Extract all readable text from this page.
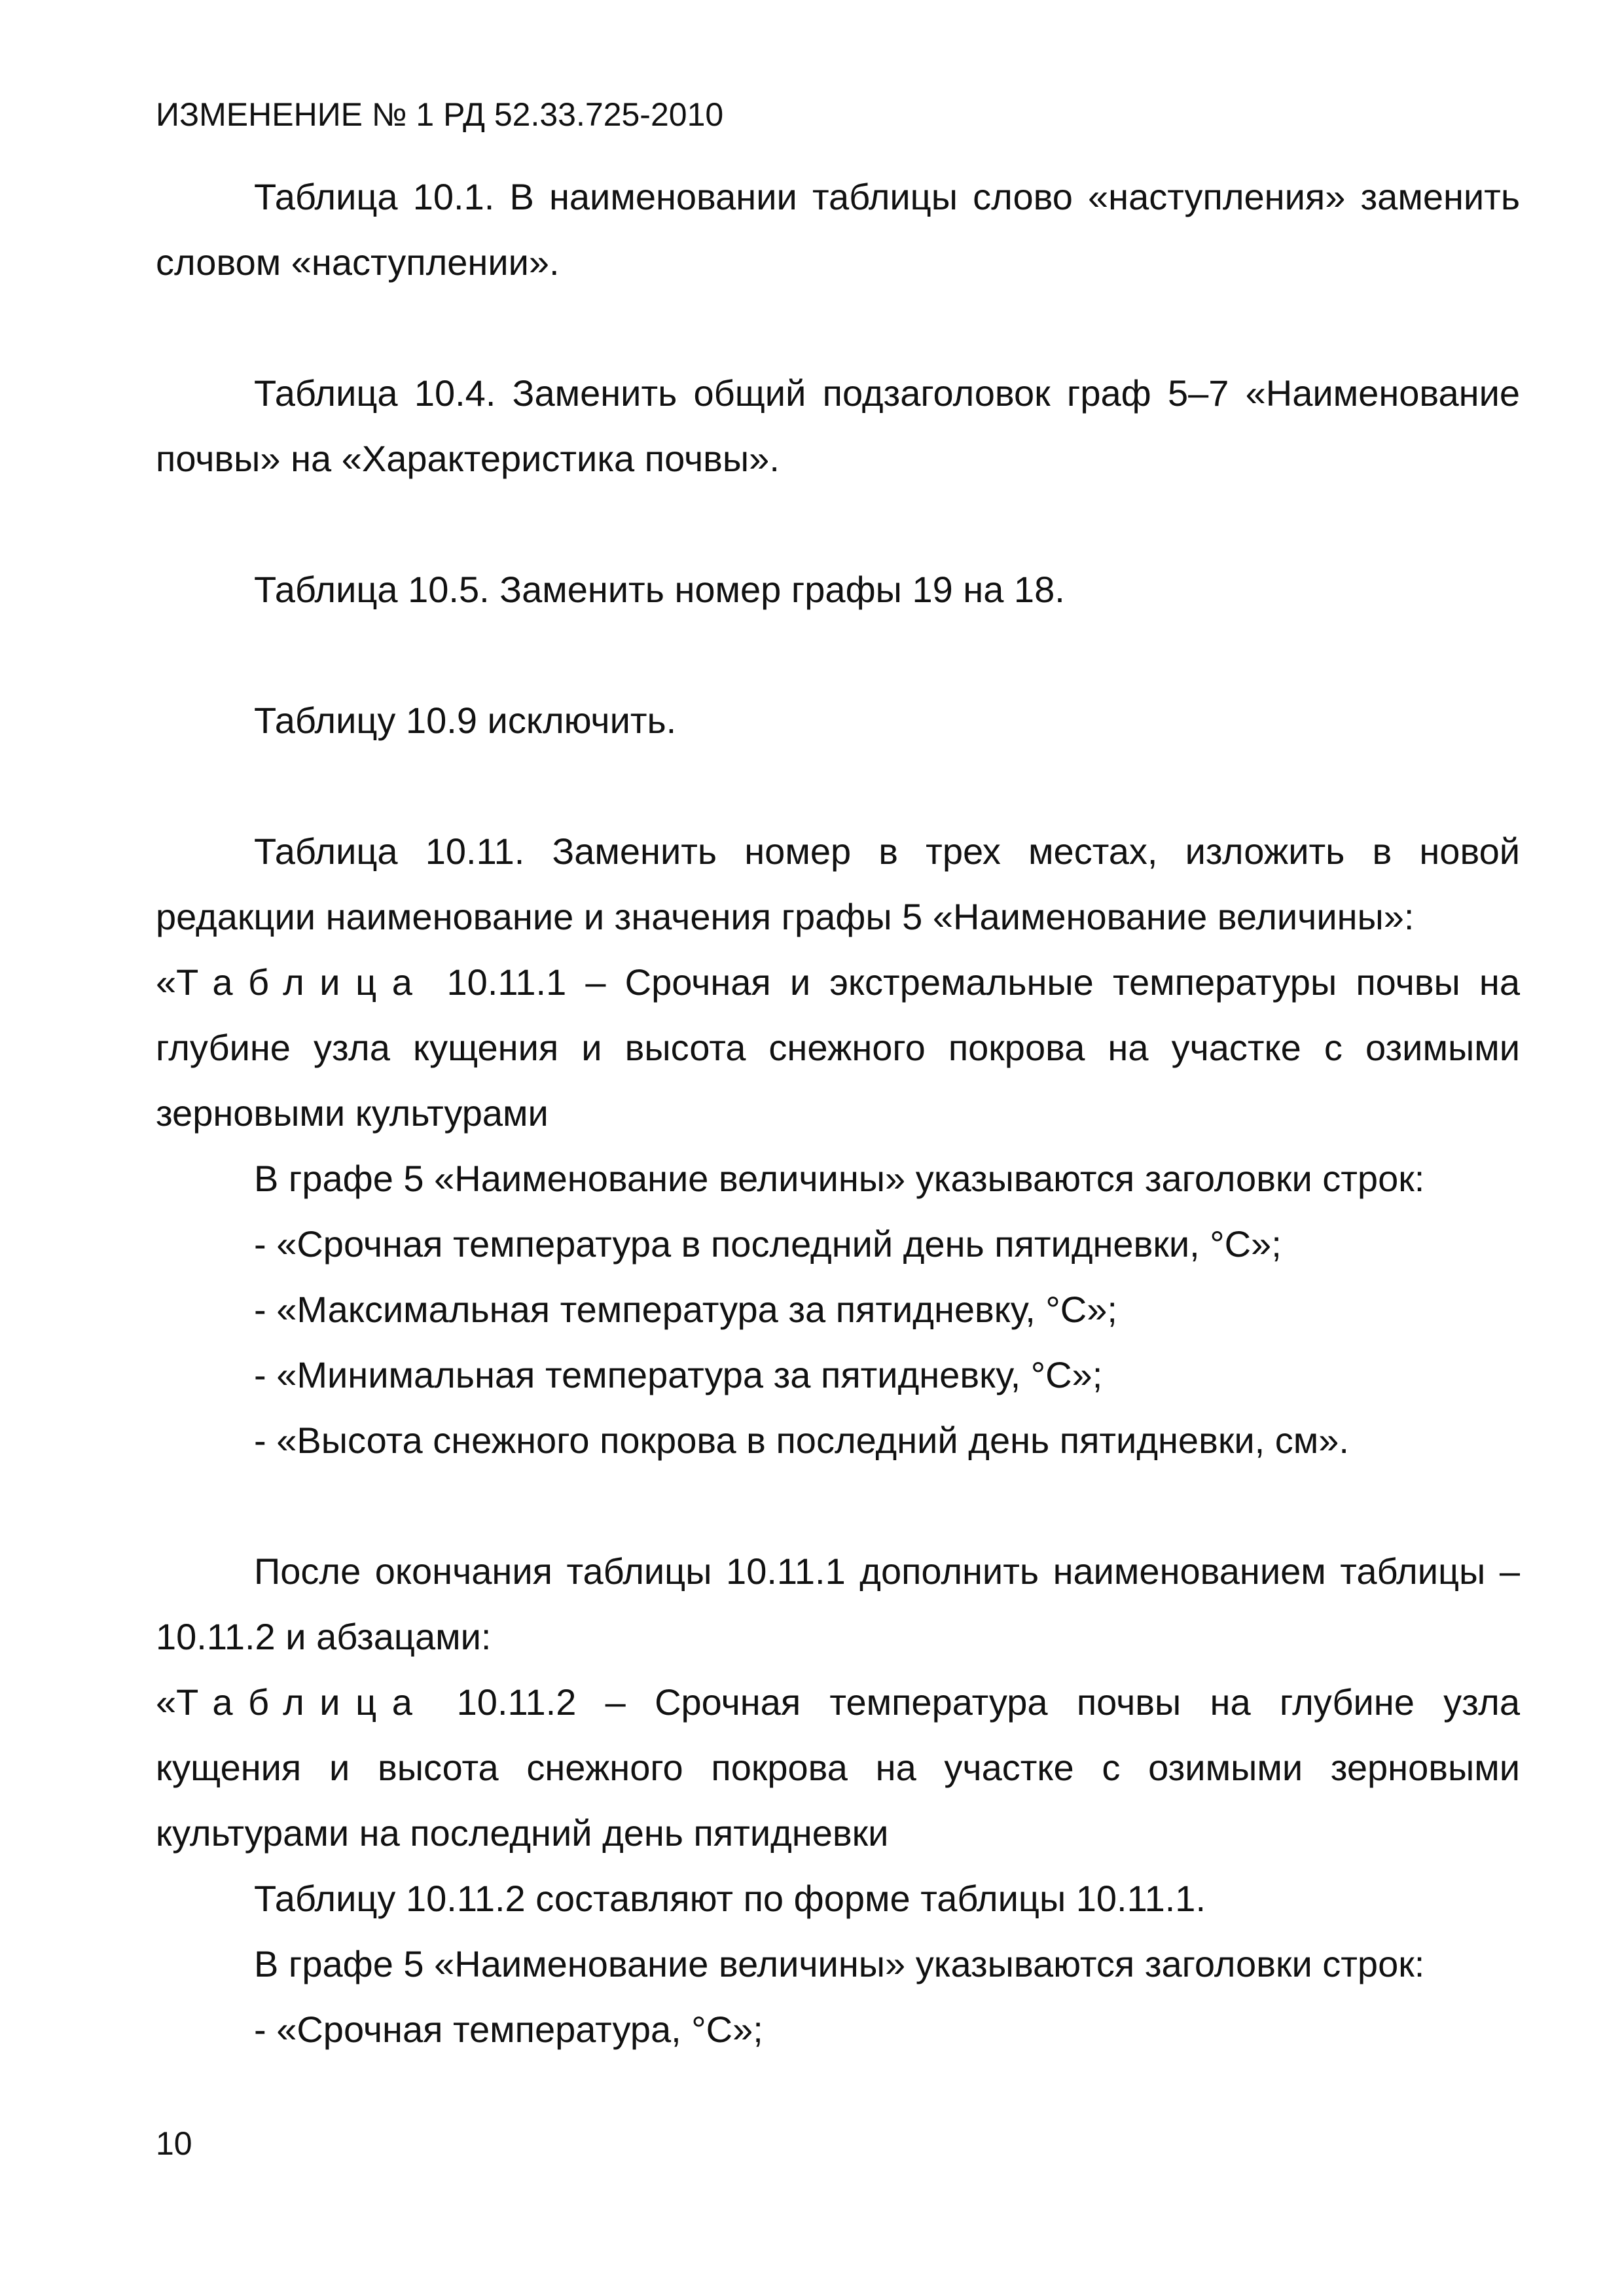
ИЗМЕНЕНИЕ № 1 РД 52.33.725-2010

Таблица 10.1. В наименовании таблицы слово «наступления» заменить словом «наступлении».

Таблица 10.4. Заменить общий подзаголовок граф 5–7 «Наименование почвы» на «Характеристика почвы».

Таблица 10.5. Заменить номер графы 19 на 18.

Таблицу 10.9 исключить.

Таблица 10.11. Заменить номер в трех местах, изложить в новой редакции наименование и значения графы 5 «Наименование величины»:

«Таблица 10.11.1 – Срочная и экстремальные температуры почвы на глубине узла кущения и высота снежного покрова на участке с озимыми зерновыми культурами

В графе 5 «Наименование величины» указываются заголовки строк:

- «Срочная температура в последний день пятидневки, °С»;

- «Максимальная температура за пятидневку, °С»;

- «Минимальная температура за пятидневку, °С»;

- «Высота снежного покрова в последний день пятидневки, см».

После окончания таблицы 10.11.1 дополнить наименованием таблицы – 10.11.2 и абзацами:

«Таблица 10.11.2 – Срочная температура почвы на глубине узла кущения и высота снежного покрова на участке с озимыми зерновыми культурами на последний день пятидневки

Таблицу 10.11.2 составляют по форме таблицы 10.11.1.

В графе 5 «Наименование величины» указываются заголовки строк:

- «Срочная температура, °С»;

10
